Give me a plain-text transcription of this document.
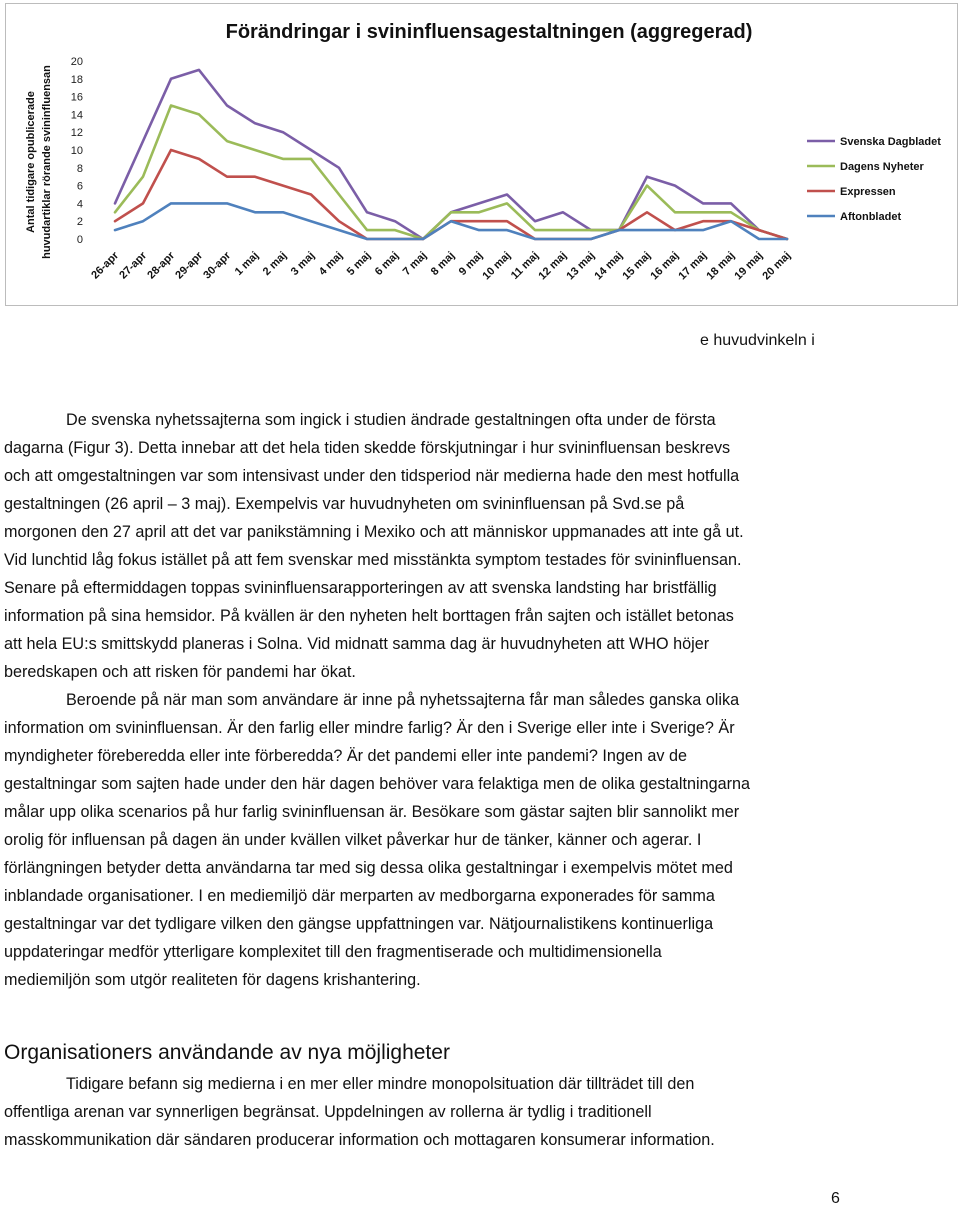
Förändringar i svininfluensagestaltningen (aggregerad)
Antal tidigare opublicerade huvudartiklar rörande svininfluensan 0
2
4
6
8
10
12
14
16
18
20
26-apr
27-apr
28-apr
29-apr
30-apr 1 maj 2 maj 3 maj 4 maj 5 maj 6 maj 7 maj 8 maj 9 maj
10 maj
11 maj
12 maj
13 maj
14 maj
15 maj
16 maj
17 maj
18 maj
19 maj
20 maj
Svenska Dagbladet
Dagens Nyheter
Expressen
Aftonbladet
e huvudvinkeln i

De svenska nyhetssajterna som ingick i studien ändrade gestaltningen ofta under de första

dagarna (Figur 3). Detta innebar att det hela tiden skedde förskjutningar i hur svininfluensan beskrevs

och att omgestaltningen var som intensivast under den tidsperiod när medierna hade den mest hotfulla

gestaltningen (26 april – 3 maj). Exempelvis var huvudnyheten om svininfluensan på Svd.se på

morgonen den 27 april att det var panikstämning i Mexiko och att människor uppmanades att inte gå ut.

Vid lunchtid låg fokus istället på att fem svenskar med misstänkta symptom testades för svininfluensan.

Senare på eftermiddagen toppas svininfluensarapporteringen av att svenska landsting har bristfällig

information på sina hemsidor. På kvällen är den nyheten helt borttagen från sajten och istället betonas

att hela EU:s smittskydd planeras i Solna. Vid midnatt samma dag är huvudnyheten att WHO höjer

beredskapen och att risken för pandemi har ökat.

Beroende på när man som användare är inne på nyhetssajterna får man således ganska olika

information om svininfluensan. Är den farlig eller mindre farlig? Är den i Sverige eller inte i Sverige? Är

myndigheter föreberedda eller inte förberedda? Är det pandemi eller inte pandemi? Ingen av de

gestaltningar som sajten hade under den här dagen behöver vara felaktiga men de olika gestaltningarna

målar upp olika scenarios på hur farlig svininfluensan är. Besökare som gästar sajten blir sannolikt mer

orolig för influensan på dagen än under kvällen vilket påverkar hur de tänker, känner och agerar. I

förlängningen betyder detta användarna tar med sig dessa olika gestaltningar i exempelvis mötet med

inblandade organisationer. I en mediemiljö där merparten av medborgarna exponerades för samma

gestaltningar var det tydligare vilken den gängse uppfattningen var. Nätjournalistikens kontinuerliga

uppdateringar medför ytterligare komplexitet till den fragmentiserade och multidimensionella

mediemiljön som utgör realiteten för dagens krishantering.

Organisationers användande av nya möjligheter

Tidigare befann sig medierna i en mer eller mindre monopolsituation där tillträdet till den

offentliga arenan var synnerligen begränsat. Uppdelningen av rollerna är tydlig i traditionell

masskommunikation där sändaren producerar information och mottagaren konsumerar information.

6
